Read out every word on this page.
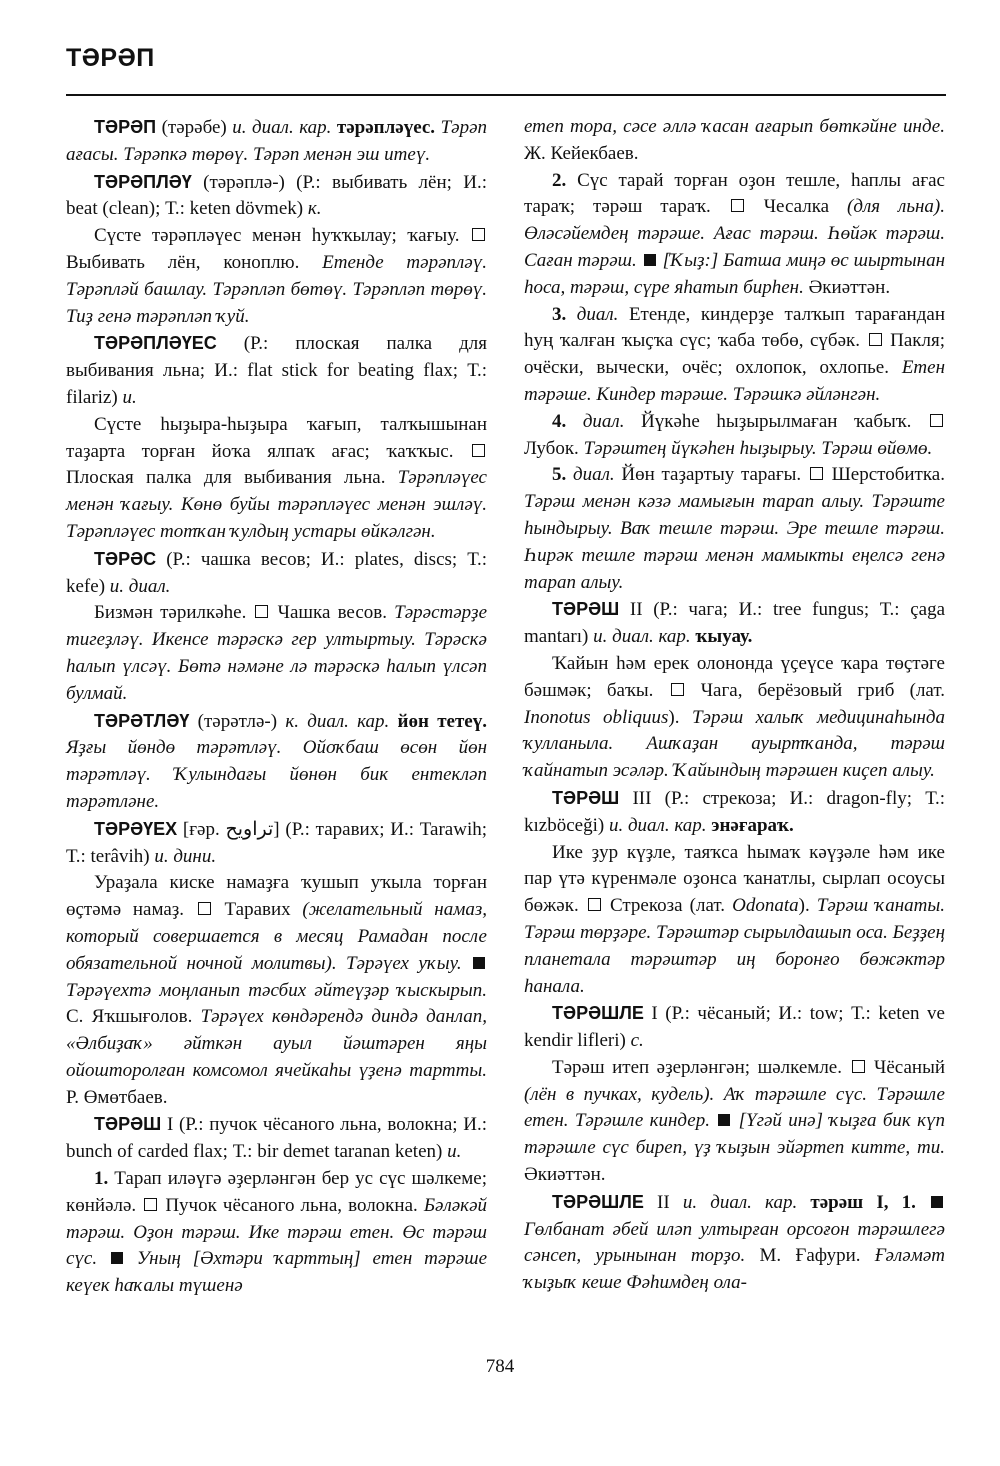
ТӘРӘП

ТӘРӘП (тәрәбе) и. диал. кар. тәрәпләүес. Тәрәп ағасы. Тәрәпкә төрөү. Тәрәп менән эш итеү.

ТӘРӘПЛӘҮ (тәрәплә-) (Р.: выбивать лён; И.: beat (clean); Т.: keten dövmek) к.

Сүсте тәрәпләүес менән һуҡҡылау; ҡағыу.  Выбивать лён, коноплю. Етенде тәрәпләү. Тәрәпләй башлау. Тәрәпләп бөтөү. Тәрәпләп төрөү. Тиҙ генә тәрәпләп ҡуй.

ТӘРӘПЛӘҮЕС (Р.: плоская палка для выбивания льна; И.: flat stick for beating flax; Т.: filariz) и.

Сүсте һыҙыра-һыҙыра ҡағып, талҡышынан таҙарта торған йоҡа ялпаҡ ағас; ҡаҡҡыс.  Плоская палка для выбивания льна. Тәрәпләүес менән ҡағыу. Көнө буйы тәрәпләүес менән эшләү. Тәрәпләүес тотҡан ҡулдың устары өйкәлгән.

ТӘРӘС (Р.: чашка весов; И.: plates, discs; Т.: kefe) и. диал.

Бизмән тәрилкәһе.  Чашка весов. Тәрәстәрҙе тигеҙләү. Икенсе тәрәскә гер ултыртыу. Тәрәскә һалып үлсәү. Бөтә нәмәне лә тәрәскә һалып үлсәп булмай.

ТӘРӘТЛӘҮ (тәрәтлә-) к. диал. кар. йөн тетеү. Яҙғы йөндө тәрәтләү. Ойоҡбаш өсөн йөн тәрәтләү. Ҡулындағы йөнөн бик ентекләп тәрәтләне.

ТӘРӘҮЕХ [ғәр. تراويح] (Р.: таравих; И.: Tarawih; Т.: terâvih) и. дини.

Ураҙала киске намаҙға ҡушып уҡыла торған өҫтәмә намаҙ.  Таравих (желательный намаз, который совершается в месяц Рамадан после обязательной ночной молитвы). Тәрәүех уҡыу.  Тәрәүехтә моңланып тәсбих әйтеүҙәр ҡыскырып. С. Яҡшығолов. Тәрәүех көндәрендә диндә данлап, «Әлбиҙаҡ» әйткән ауыл йәштәрен яңы ойошторолған комсомол ячейкаһы үҙенә тартты. Р. Өмөтбаев.

ТӘРӘШ I (Р.: пучок чёсаного льна, волокна; И.: bunch of carded flax; Т.: bir demet taranan keten) и.

1. Тарап иләүгә әҙерләнгән бер ус сүс шәлкеме; көнйәлә.  Пучок чёсаного льна, волокна. Бәләкәй тәрәш. Оҙон тәрәш. Ике тәрәш етен. Өс тәрәш сүс. Уның [Әхтәри ҡарттың] етен тәрәше кеүек һаҡалы түшенә

етеп тора, сәсе әллә ҡасан ағарып бөткәйне инде. Ж. Кейекбаев.

2. Сүс тарай торған оҙон тешле, һаплы ағас тараҡ; тәрәш тараҡ.  Чесалка (для льна). Өләсәйемдең тәрәше. Ағас тәрәш. Һөйәк тәрәш. Саған тәрәш. [Ҡыҙ:] Батша миңә өс шыртынан һоса, тәрәш, сүре яһатып бирһен. Әкиәттән.

3. диал. Етенде, киндерҙе талҡып тарағандан һуң ҡалған ҡыҫҡа сүс; ҡаба төбө, сүбәк.  Пакля; очёски, вычески, очёс; охлопок, охлопье. Етен тәрәше. Киндер тәрәше. Тәрәшкә әйләнгән.

4. диал. Йүкәһе һыҙырылмаған ҡабыҡ.  Лубок. Тәрәштең йүкәһен һыҙырыу. Тәрәш өйөмө.

5. диал. Йөн таҙартыу тарағы.  Шерстобитка. Тәрәш менән кәзә мамығын тарап алыу. Тәрәште һындырыу. Ваҡ тешле тәрәш. Эре тешле тәрәш. Һирәк тешле тәрәш менән мамыкты еңелсә генә тарап алыу.

ТӘРӘШ II (Р.: чага; И.: tree fungus; Т.: çaga mantarı) и. диал. кар. ҡыуау.

Ҡайын һәм ерек олононда үҫеүсе ҡара төҫтәге бәшмәк; баҡы.  Чага, берёзовый гриб (лат. Inonotus obliquus). Тәрәш халыҡ медицинаһында ҡулланыла. Ашҡаҙан ауыртҡанда, тәрәш ҡайнатып эсәләр. Ҡайындың тәрәшен киҫеп алыу.

ТӘРӘШ III (Р.: стрекоза; И.: dragon-fly; Т.: kızböceği) и. диал. кар. энәғараҡ.

Ике ҙур күҙле, таяҡса һымаҡ кәүҙәле һәм ике пар үтә күренмәле оҙонса ҡанатлы, сырлап осоусы бөжәк.  Стрекоза (лат. Odonata). Тәрәш ҡанаты. Тәрәш төрҙәре. Тәрәштәр сырылдашып оса. Беҙҙең планетала тәрәштәр иң боронғо бөжәктәр һанала.

ТӘРӘШЛЕ I (Р.: чёсаный; И.: tow; Т.: keten ve kendir lifleri) с.

Тәрәш итеп әҙерләнгән; шәлкемле.  Чёсаный (лён в пучках, кудель). Аҡ тәрәшле сүс. Тәрәшле етен. Тәрәшле киндер. [Үгәй инә] ҡыҙға бик күп тәрәшле сүс биреп, үҙ ҡыҙын эйәртеп китте, ти. Әкиәттән.

ТӘРӘШЛЕ II и. диал. кар. тәрәш I, 1.  Гөлбанат әбей иләп ултырған орсоғон тәрәшлегә сәнсеп, урынынан торҙо. М. Ғафури. Ғәләмәт ҡыҙыҡ кеше Фәһимдең ола-

784
